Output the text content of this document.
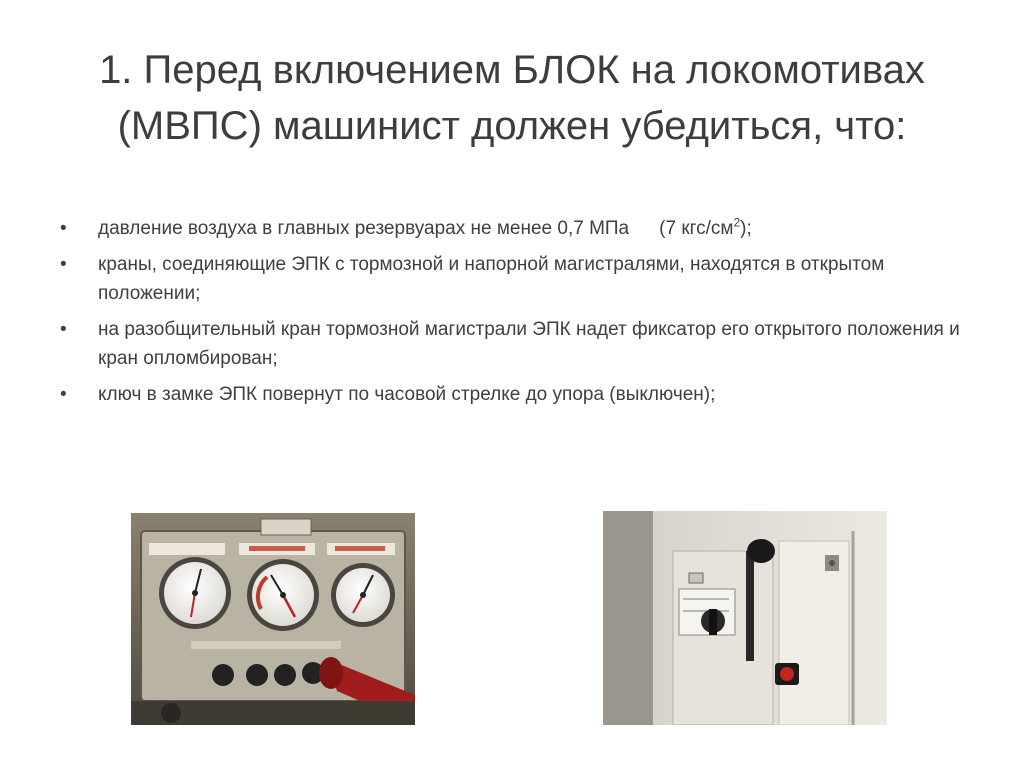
1. Перед включением БЛОК на локомотивах
(МВПС) машинист должен убедиться, что:
• давление воздуха в главных резервуарах не менее 0,7 МПа (7 кгс/$см^2$);
• краны, соединяющие ЭПК с тормозной и напорной магистралями, находятся в открытом положении;
• на разобщительный кран тормозной магистрали ЭПК надет фиксатор его открытого положения и кран опломбирован;
• ключ в замке ЭПК повернут по часовой стрелке до упора (выключен);
